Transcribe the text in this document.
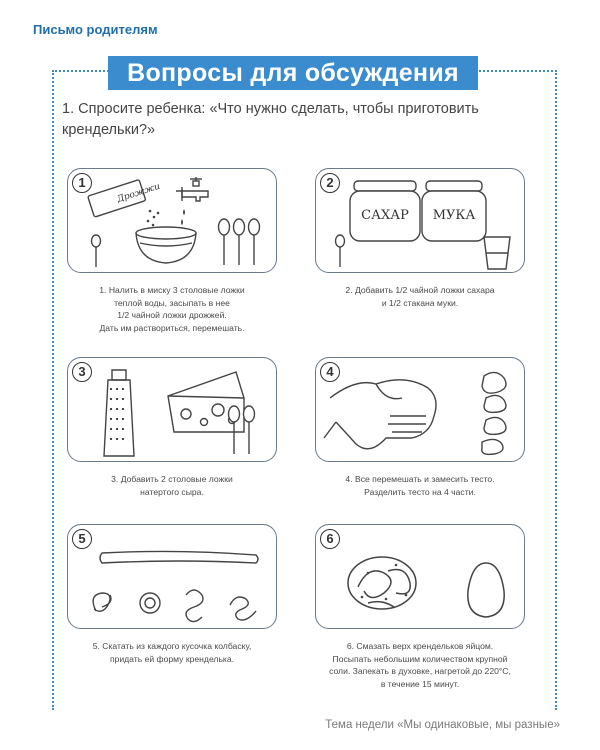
Письмо родителям
Вопросы для обсуждения
1. Спросите ребенка: «Что нужно сделать, чтобы приготовить крендельки?»
Дрожжи
1
1. Налить в миску 3 столовые ложки
теплой воды, засыпать в нее
1/2 чайной ложки дрожжей.
Дать им раствориться, перемешать.
САХАР МУКА
2
2. Добавить 1/2 чайной ложки сахара
и 1/2 стакана муки.
3
3. Добавить 2 столовые ложки
натертого сыра.
4
4. Все перемешать и замесить тесто.
Разделить тесто на 4 части.
5
5. Скатать из каждого кусочка колбаску,
придать ей форму кренделька.
6
6. Смазать верх крендельков яйцом.
Посыпать небольшим количеством крупной
соли. Запекать в духовке, нагретой до 220°С,
в течение 15 минут.
Тема недели «Мы одинаковые, мы разные»
